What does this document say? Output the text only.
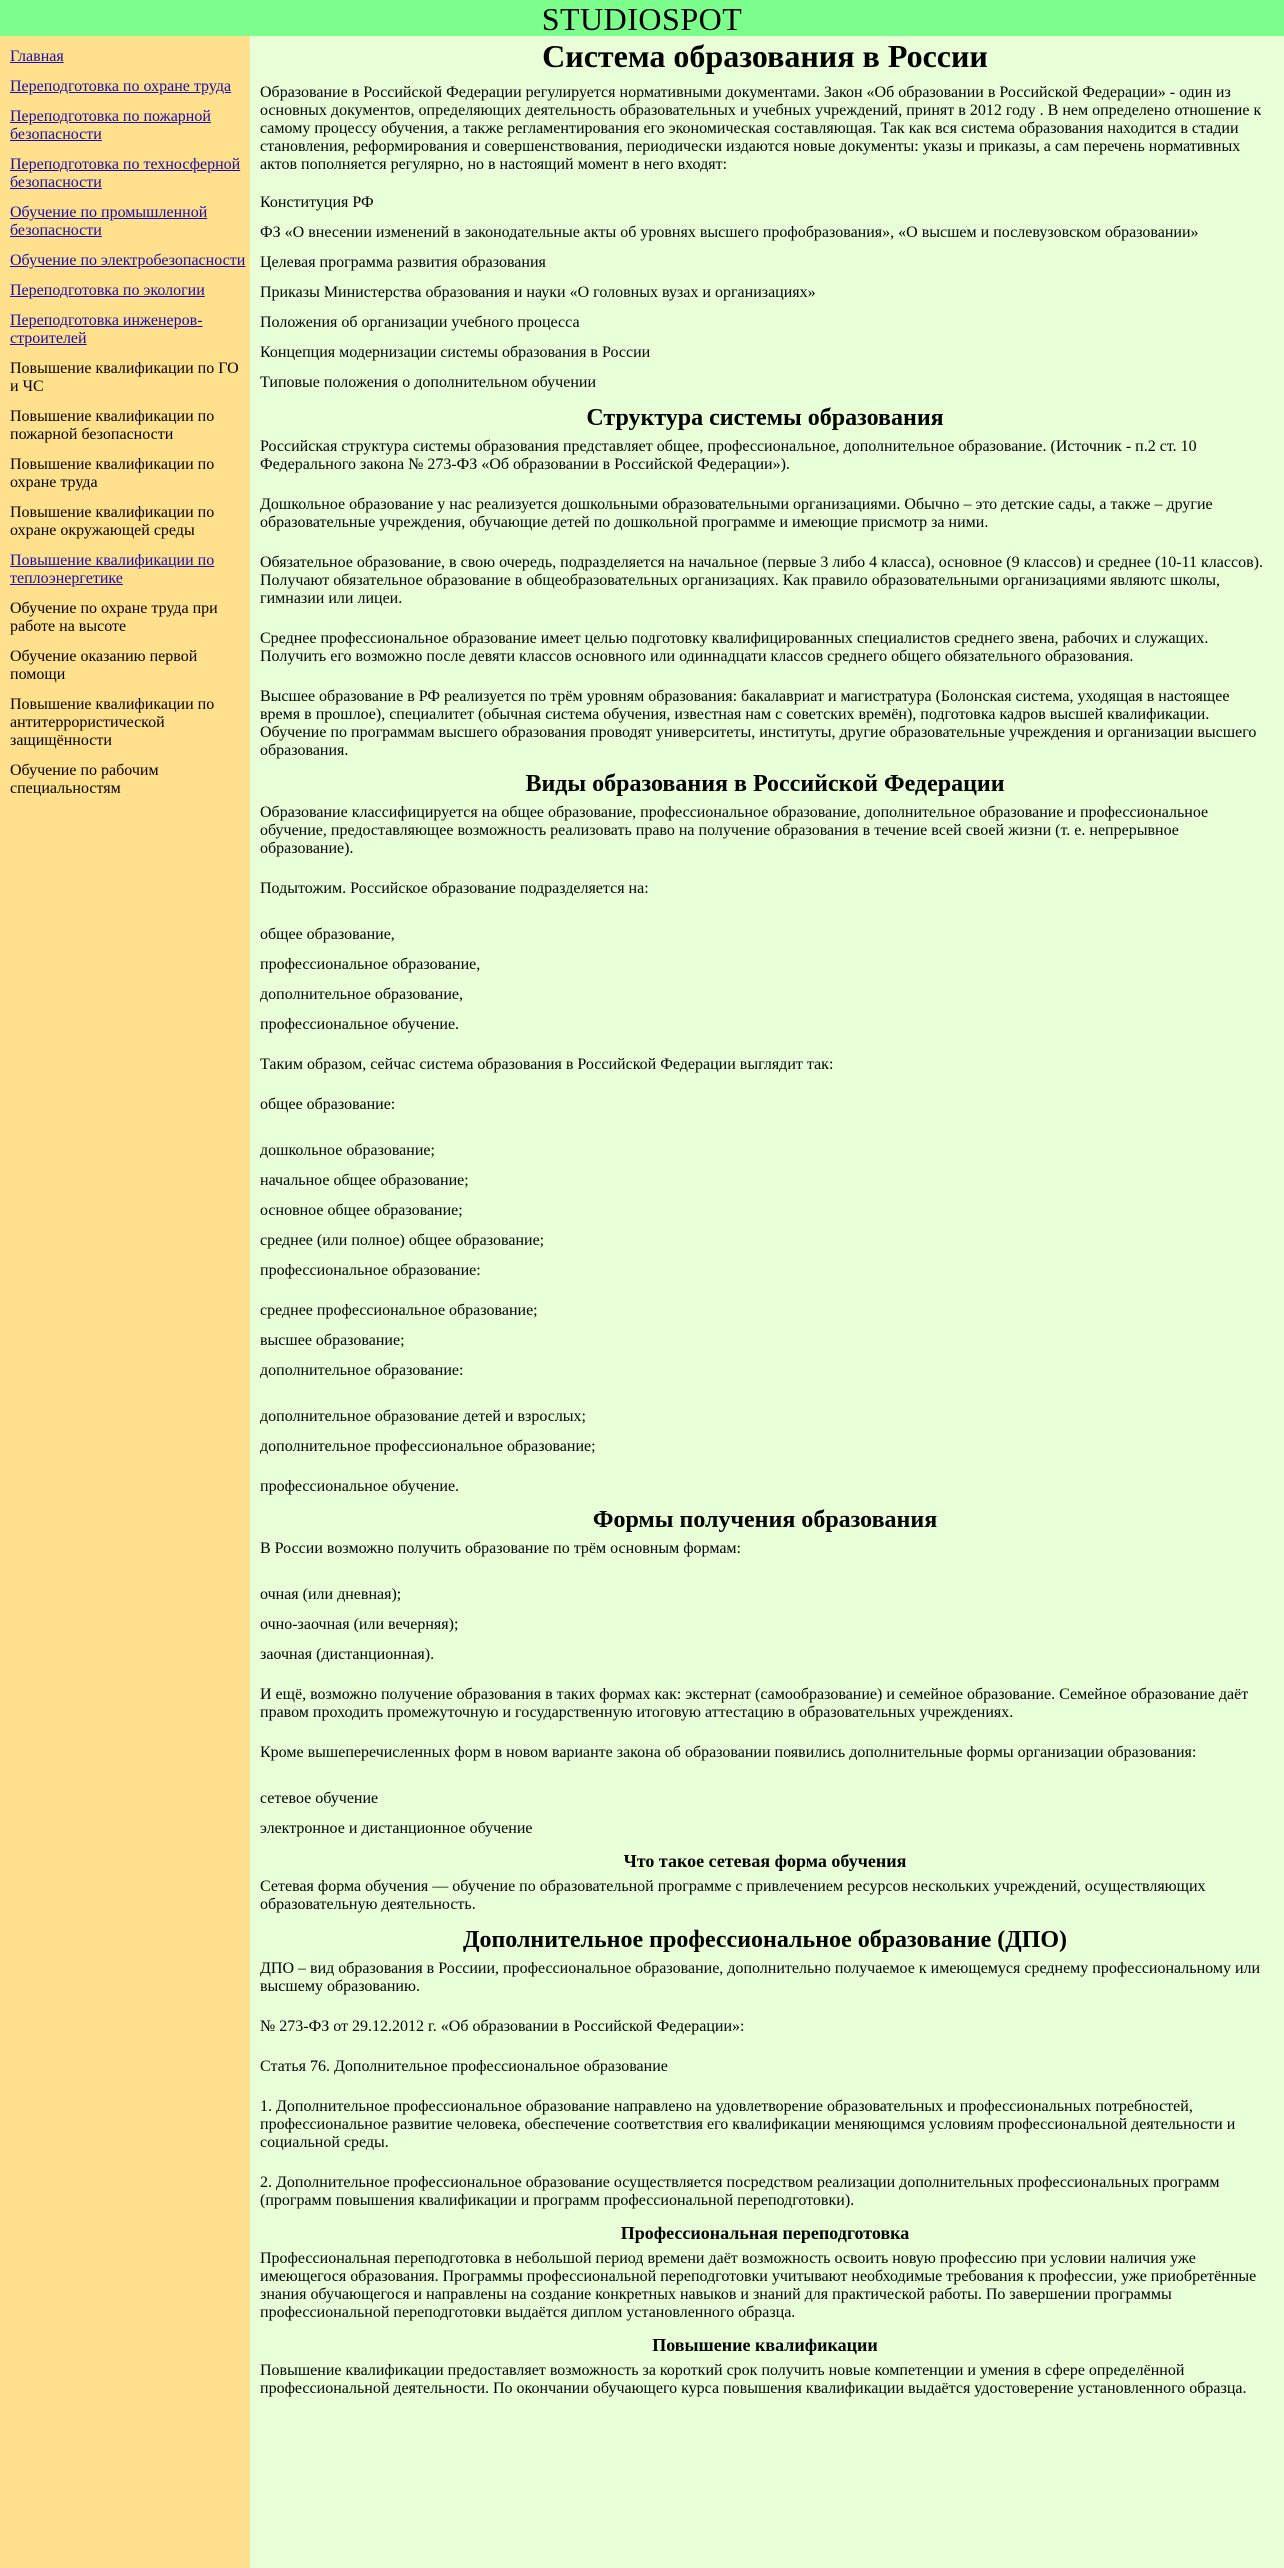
STUDIOSPOT
Главная
Переподготовка по охране труда
Переподготовка по пожарной безопасности
Переподготовка по техносферной безопасности
Обучение по промышленной безопасности
Обучение по электробезопасности
Переподготовка по экологии
Переподготовка инженеров-строителей
Повышение квалификации по ГО и ЧС
Повышение квалификации по пожарной безопасности
Повышение квалификации по охране труда
Повышение квалификации по охране окружающей среды
Повышение квалификации по теплоэнергетике
Обучение по охране труда при работе на высоте
Обучение оказанию первой помощи
Повышение квалификации по антитеррористической защищённости
Обучение по рабочим специальностям
Система образования в России

Образование в Российской Федерации регулируется нормативными документами. Закон «Об образовании в Российской Федерации» - один из основных документов, определяющих деятельность образовательных и учебных учреждений, принят в 2012 году . В нем определено отношение к самому процессу обучения, а также регламентирования его экономическая составляющая. Так как вся система образования находится в стадии становления, реформирования и совершенствования, периодически издаются новые документы: указы и приказы, а сам перечень нормативных актов пополняется регулярно, но в настоящий момент в него входят:

Конституция РФ

ФЗ «О внесении изменений в законодательные акты об уровнях высшего профобразования», «О высшем и послевузовском образовании»

Целевая программа развития образования

Приказы Министерства образования и науки «О головных вузах и организациях»

Положения об организации учебного процесса

Концепция модернизации системы образования в России

Типовые положения о дополнительном обучении

Структура системы образования

Российская структура системы образования представляет общее, профессиональное, дополнительное образование. (Источник - п.2 ст. 10 Федерального закона № 273-ФЗ «Об образовании в Российской Федерации»).

Дошкольное образование у нас реализуется дошкольными образовательными организациями. Обычно – это детские сады, а также – другие образовательные учреждения, обучающие детей по дошкольной программе и имеющие присмотр за ними.

Обязательное образование, в свою очередь, подразделяется на начальное (первые 3 либо 4 класса), основное (9 классов) и среднее (10-11 классов). Получают обязательное образование в общеобразовательных организациях. Как правило образовательными организациями являютс школы, гимназии или лицеи.

Среднее профессиональное образование имеет целью подготовку квалифицированных специалистов среднего звена, рабочих и служащих. Получить его возможно после девяти классов основного или одиннадцати классов среднего общего обязательного образования.

Высшее образование в РФ реализуется по трём уровням образования: бакалавриат и магистратура (Болонская система, уходящая в настоящее время в прошлое), специалитет (обычная система обучения, известная нам с советских времён), подготовка кадров высшей квалификации. Обучение по программам высшего образования проводят университеты, институты, другие образовательные учреждения и организации высшего образования.

Виды образования в Российской Федерации

Образование классифицируется на общее образование, профессиональное образование, дополнительное образование и профессиональное обучение, предоставляющее возможность реализовать право на получение образования в течение всей своей жизни (т. е. непрерывное образование).

Подытожим. Российское образование подразделяется на:

общее образование,

профессиональное образование,

дополнительное образование,

профессиональное обучение.

Таким образом, сейчас система образования в Российской Федерации выглядит так:

общее образование:

дошкольное образование;

начальное общее образование;

основное общее образование;

среднее (или полное) общее образование;

профессиональное образование:

среднее профессиональное образование;

высшее образование;

дополнительное образование:

дополнительное образование детей и взрослых;

дополнительное профессиональное образование;

профессиональное обучение.

Формы получения образования

В России возможно получить образование по трём основным формам:

очная (или дневная);

очно-заочная (или вечерняя);

заочная (дистанционная).

И ещё, возможно получение образования в таких формах как: экстернат (самообразование) и семейное образование. Семейное образование даёт правом проходить промежуточную и государственную итоговую аттестацию в образовательных учреждениях.

Кроме вышеперечисленных форм в новом варианте закона об образовании появились дополнительные формы организации образования:

сетевое обучение

электронное и дистанционное обучение

Что такое сетевая форма обучения

Сетевая форма обучения — обучение по образовательной программе с привлечением ресурсов нескольких учреждений, осуществляющих образовательную деятельность.

Дополнительное профессиональное образование (ДПО)

ДПО – вид образования в Россиии, профессиональное образование, дополнительно получаемое к имеющемуся среднему профессиональному или высшему образованию.

№ 273-ФЗ от 29.12.2012 г. «Об образовании в Российской Федерации»:

Статья 76. Дополнительное профессиональное образование

1. Дополнительное профессиональное образование направлено на удовлетворение образовательных и профессиональных потребностей, профессиональное развитие человека, обеспечение соответствия его квалификации меняющимся условиям профессиональной деятельности и социальной среды.

2. Дополнительное профессиональное образование осуществляется посредством реализации дополнительных профессиональных программ (программ повышения квалификации и программ профессиональной переподготовки).

Профессиональная переподготовка

Профессиональная переподготовка в небольшой период времени даёт возможность освоить новую профессию при условии наличия уже имеющегося образования. Программы профессиональной переподготовки учитывают необходимые требования к профессии, уже приобретённые знания обучающегося и направлены на создание конкретных навыков и знаний для практической работы. По завершении программы профессиональной переподготовки выдаётся диплом установленного образца.

Повышение квалификации

Повышение квалификации предоставляет возможность за короткий срок получить новые компетенции и умения в сфере определённой профессиональной деятельности. По окончании обучающего курса повышения квалификации выдаётся удостоверение установленного образца.
